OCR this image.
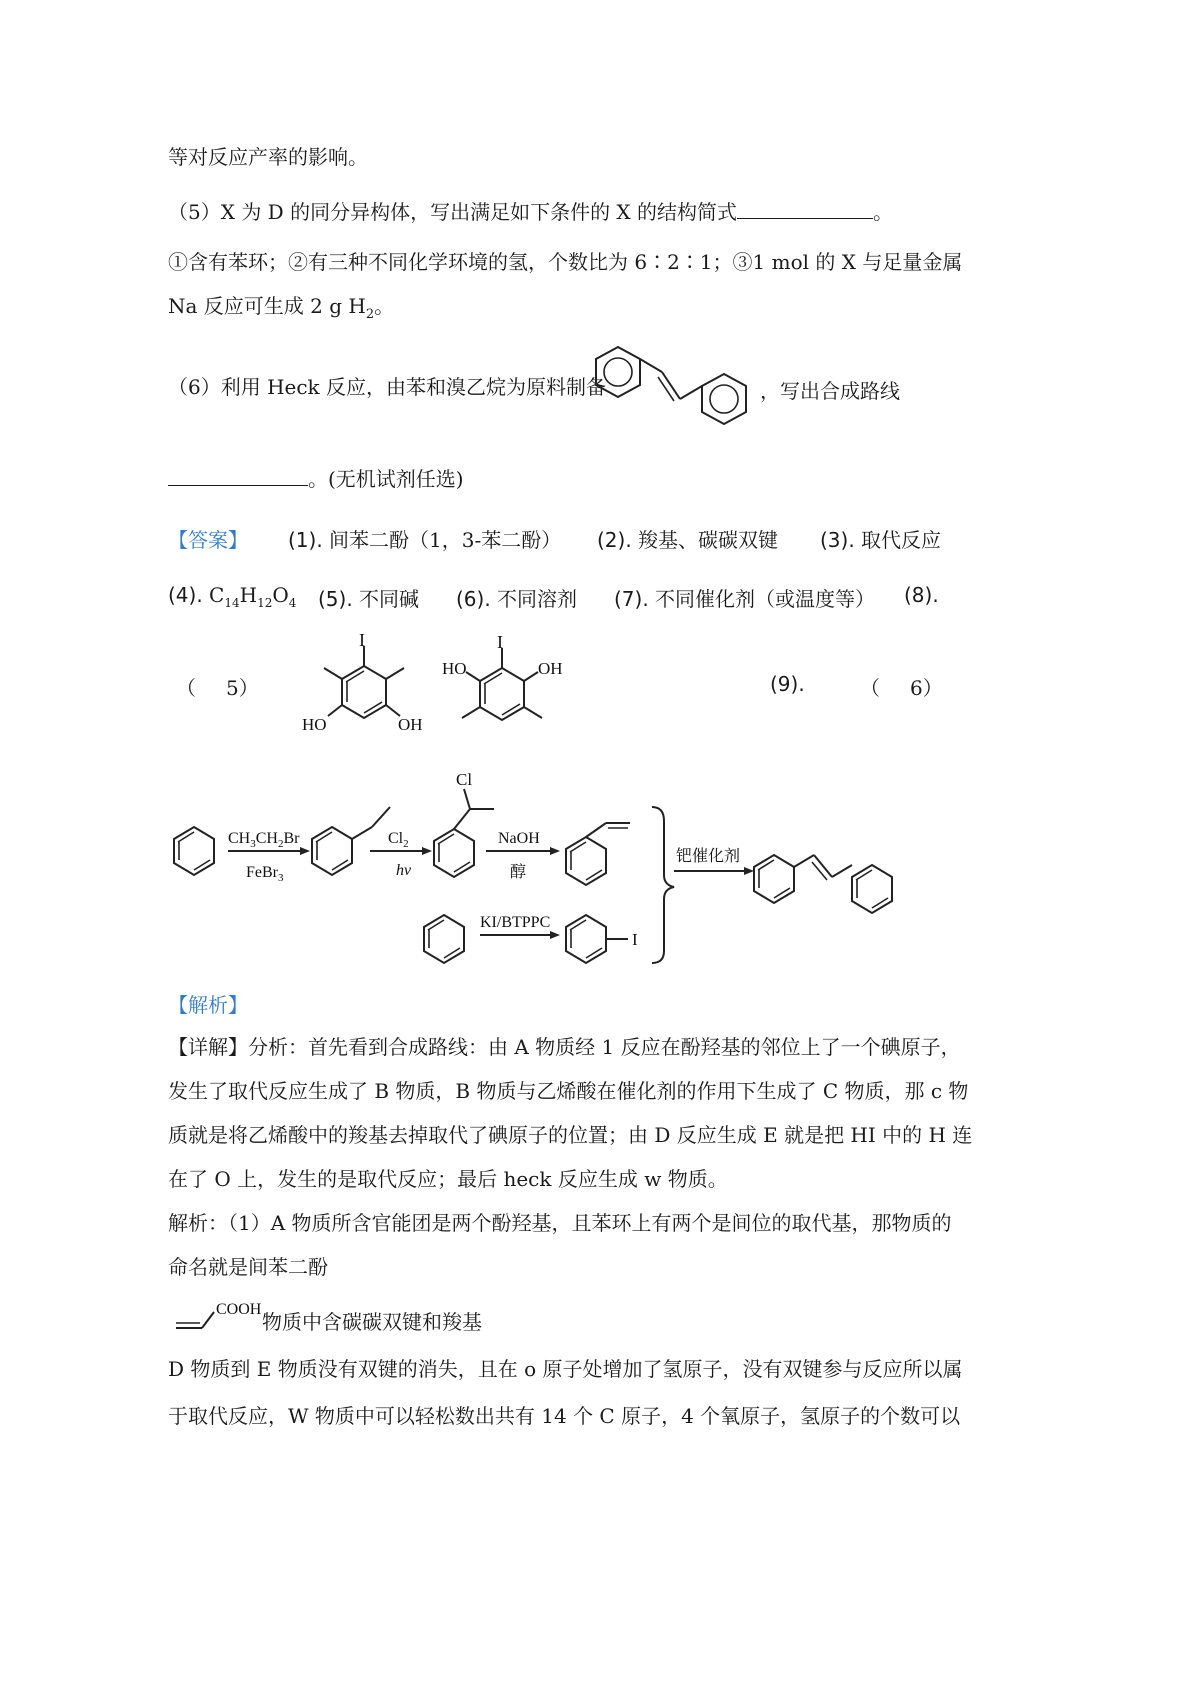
等对反应产率的影响。
（5）X 为 D 的同分异构体，写出满足如下条件的 X 的结构简式	。
①含有苯环；②有三种不同化学环境的氢，个数比为 6∶2∶1；③1 mol 的 X 与足量金属
Na 反应可生成 2 g $H_2$。
（6）利用 Heck 反应，由苯和溴乙烷为原料制备	，写出合成路线
。(无机试剂任选)
【答案】 (1). 间苯二酚（1，3-苯二酚） (2). 羧基、碳碳双键 (3). 取代反应
(4). $C_{14}H_{12}O_4$ (5). 不同碱 (6). 不同溶剂 (7). 不同催化剂（或温度等） (8).
（ 5）
I
HO	OH
I
HO	OH
(9).	（ 6）
$CH_3CH_2Br$
FeBr$_3$
$Cl_2$
hν
Cl
NaOH
醇
KI/BTPPC
I
钯催化剂
【解析】
【详解】分析：首先看到合成路线：由 A 物质经 1 反应在酚羟基的邻位上了一个碘原子，
发生了取代反应生成了 B 物质，B 物质与乙烯酸在催化剂的作用下生成了 C 物质，那 c 物
质就是将乙烯酸中的羧基去掉取代了碘原子的位置；由 D 反应生成 E 就是把 HI 中的 H 连
在了 O 上，发生的是取代反应；最后 heck 反应生成 w 物质。
解析：（1）A 物质所含官能团是两个酚羟基，且苯环上有两个是间位的取代基，那物质的
命名就是间苯二酚
COOH
物质中含碳碳双键和羧基
D 物质到 E 物质没有双键的消失，且在 o 原子处增加了氢原子，没有双键参与反应所以属
于取代反应，W 物质中可以轻松数出共有 14 个 C 原子，4 个氧原子，氢原子的个数可以
